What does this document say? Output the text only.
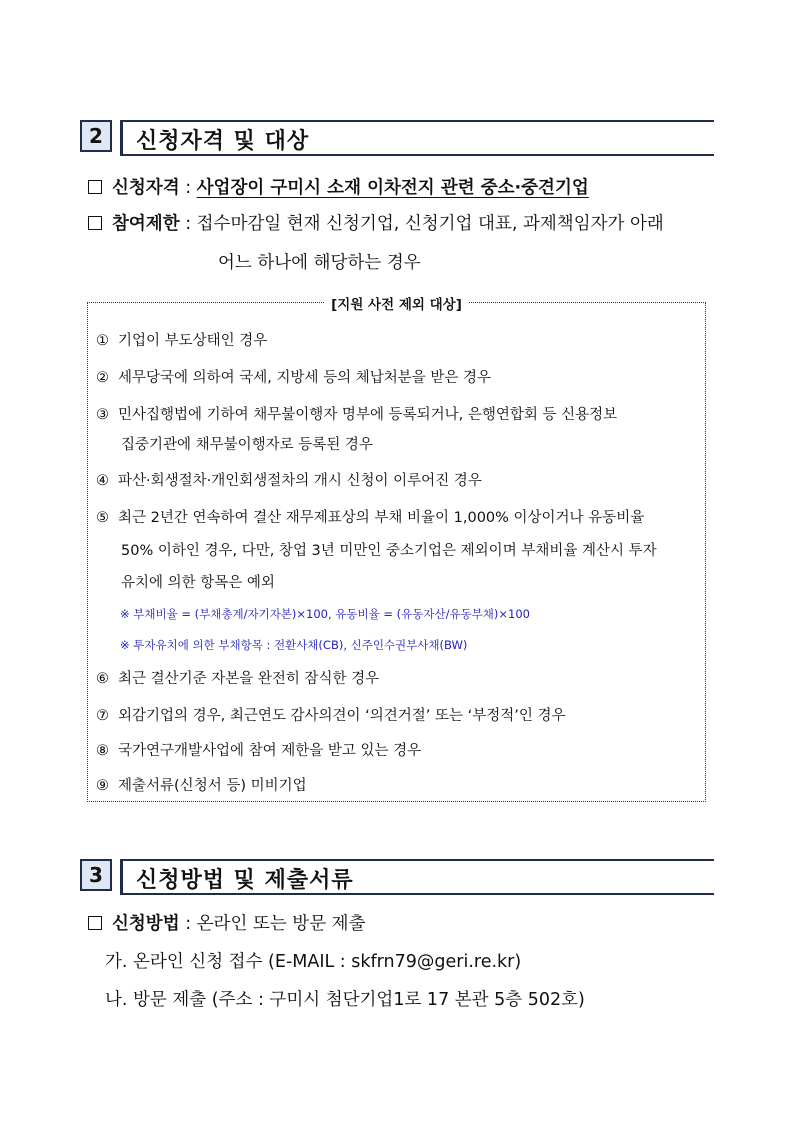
2	신청자격 및 대상
신청자격 : 사업장이 구미시 소재 이차전지 관련 중소·중견기업
참여제한 : 접수마감일 현재 신청기업, 신청기업 대표, 과제책임자가 아래
어느 하나에 해당하는 경우
[지원 사전 제외 대상]
① 기업이 부도상태인 경우
② 세무당국에 의하여 국세, 지방세 등의 체납처분을 받은 경우
③ 민사집행법에 기하여 채무불이행자 명부에 등록되거나, 은행연합회 등 신용정보
집중기관에 채무불이행자로 등록된 경우
④ 파산·회생절차·개인회생절차의 개시 신청이 이루어진 경우
⑤ 최근 2년간 연속하여 결산 재무제표상의 부채 비율이 1,000% 이상이거나 유동비율
50% 이하인 경우, 다만, 창업 3년 미만인 중소기업은 제외이며 부채비율 계산시 투자
유치에 의한 항목은 예외
※ 부채비율 = (부채총계/자기자본)×100, 유동비율 = (유동자산/유동부채)×100
※ 투자유치에 의한 부채항목 : 전환사채(CB), 신주인수권부사채(BW)
⑥ 최근 결산기준 자본을 완전히 잠식한 경우
⑦ 외감기업의 경우, 최근연도 감사의견이 ‘의견거절’ 또는 ‘부정적’인 경우
⑧ 국가연구개발사업에 참여 제한을 받고 있는 경우
⑨ 제출서류(신청서 등) 미비기업
3	신청방법 및 제출서류
신청방법 : 온라인 또는 방문 제출
가. 온라인 신청 접수 (E-MAIL : skfrn79@geri.re.kr)
나. 방문 제출 (주소 : 구미시 첨단기업1로 17 본관 5층 502호)
